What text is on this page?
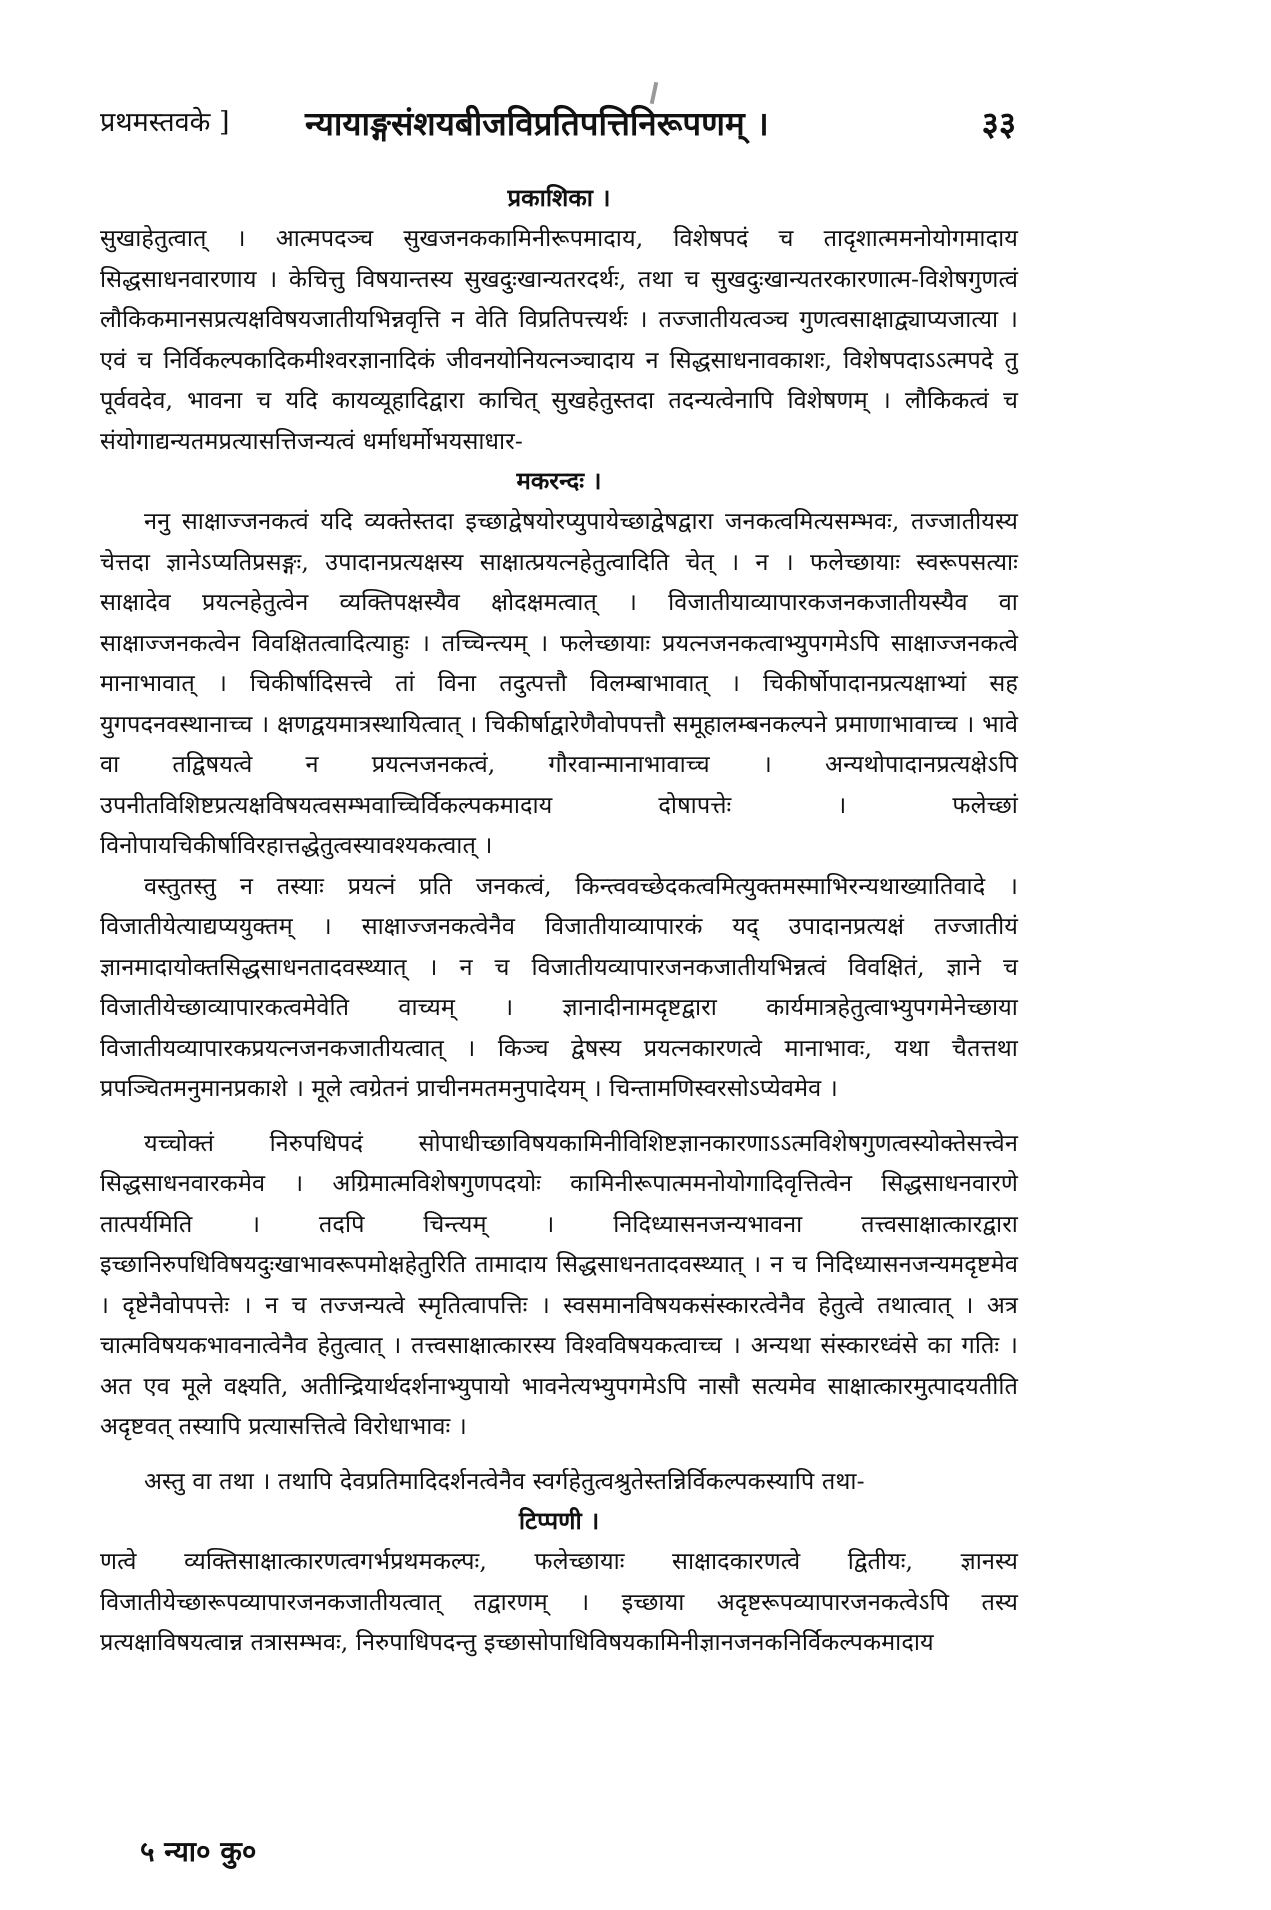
प्रथमस्तवके ] न्यायाङ्गसंशयबीजविप्रतिपत्तिनिरूपणम् ।	३३
प्रकाशिका ।

सुखाहेतुत्वात् । आत्मपदञ्च सुखजनककामिनीरूपमादाय, विशेषपदं च तादृशात्ममनोयोगमादाय सिद्धसाधनवारणाय । केचित्तु विषयान्तस्य सुखदुःखान्यतरदर्थः, तथा च सुखदुःखान्यतरकारणात्म-विशेषगुणत्वं लौकिकमानसप्रत्यक्षविषयजातीयभिन्नवृत्ति न वेति विप्रतिपत्त्यर्थः । तज्जातीयत्वञ्च गुणत्वसाक्षाद्व्याप्यजात्या । एवं च निर्विकल्पकादिकमीश्वरज्ञानादिकं जीवनयोनियत्नञ्चादाय न सिद्धसाधनावकाशः, विशेषपदाऽऽत्मपदे तु पूर्ववदेव, भावना च यदि कायव्यूहादिद्वारा काचित् सुखहेतुस्तदा तदन्यत्वेनापि विशेषणम् । लौकिकत्वं च संयोगाद्यन्यतमप्रत्यासत्तिजन्यत्वं धर्माधर्मोभयसाधार-

मकरन्दः ।

ननु साक्षाज्जनकत्वं यदि व्यक्तेस्तदा इच्छाद्वेषयोरप्युपायेच्छाद्वेषद्वारा जनकत्वमित्यसम्भवः, तज्जातीयस्य चेत्तदा ज्ञानेऽप्यतिप्रसङ्गः, उपादानप्रत्यक्षस्य साक्षात्प्रयत्नहेतुत्वादिति चेत् । न । फलेच्छायाः स्वरूपसत्याः साक्षादेव प्रयत्नहेतुत्वेन व्यक्तिपक्षस्यैव क्षोदक्षमत्वात् । विजातीयाव्यापारकजनकजातीयस्यैव वा साक्षाज्जनकत्वेन विवक्षितत्वादित्याहुः । तच्चिन्त्यम् । फलेच्छायाः प्रयत्नजनकत्वाभ्युपगमेऽपि साक्षाज्जनकत्वे मानाभावात् । चिकीर्षादिसत्त्वे तां विना तदुत्पत्तौ विलम्बाभावात् । चिकीर्षोपादानप्रत्यक्षाभ्यां सह युगपदनवस्थानाच्च । क्षणद्वयमात्रस्थायित्वात् । चिकीर्षाद्वारेणैवोपपत्तौ समूहालम्बनकल्पने प्रमाणाभावाच्च । भावे वा तद्विषयत्वे न प्रयत्नजनकत्वं, गौरवान्मानाभावाच्च । अन्यथोपादानप्रत्यक्षेऽपि उपनीतविशिष्टप्रत्यक्षविषयत्वसम्भवाच्चिर्विकल्पकमादाय दोषापत्तेः । फलेच्छां विनोपायचिकीर्षाविरहात्तद्धेतुत्वस्यावश्यकत्वात् ।

वस्तुतस्तु न तस्याः प्रयत्नं प्रति जनकत्वं, किन्त्ववच्छेदकत्वमित्युक्तमस्माभिरन्यथाख्यातिवादे । विजातीयेत्याद्यप्ययुक्तम् । साक्षाज्जनकत्वेनैव विजातीयाव्यापारकं यद् उपादानप्रत्यक्षं तज्जातीयं ज्ञानमादायोक्तसिद्धसाधनतादवस्थ्यात् । न च विजातीयव्यापारजनकजातीयभिन्नत्वं विवक्षितं, ज्ञाने च विजातीयेच्छाव्यापारकत्वमेवेति वाच्यम् । ज्ञानादीनामदृष्टद्वारा कार्यमात्रहेतुत्वाभ्युपगमेनेच्छाया विजातीयव्यापारकप्रयत्नजनकजातीयत्वात् । किञ्च द्वेषस्य प्रयत्नकारणत्वे मानाभावः, यथा चैतत्तथा प्रपञ्चितमनुमानप्रकाशे । मूले त्वग्रेतनं प्राचीनमतमनुपादेयम् । चिन्तामणिस्वरसोऽप्येवमेव ।

यच्चोक्तं निरुपधिपदं सोपाधीच्छाविषयकामिनीविशिष्टज्ञानकारणाऽऽत्मविशेषगुणत्वस्योक्तेसत्त्वेन सिद्धसाधनवारकमेव । अग्रिमात्मविशेषगुणपदयोः कामिनीरूपात्ममनोयोगादिवृत्तित्वेन सिद्धसाधनवारणे तात्पर्यमिति । तदपि चिन्त्यम् । निदिध्यासनजन्यभावना तत्त्वसाक्षात्कारद्वारा इच्छानिरुपधिविषयदुःखाभावरूपमोक्षहेतुरिति तामादाय सिद्धसाधनतादवस्थ्यात् । न च निदिध्यासनजन्यमदृष्टमेव । दृष्टेनैवोपपत्तेः । न च तज्जन्यत्वे स्मृतित्वापत्तिः । स्वसमानविषयकसंस्कारत्वेनैव हेतुत्वे तथात्वात् । अत्र चात्मविषयकभावनात्वेनैव हेतुत्वात् । तत्त्वसाक्षात्कारस्य विश्वविषयकत्वाच्च । अन्यथा संस्कारध्वंसे का गतिः । अत एव मूले वक्ष्यति, अतीन्द्रियार्थदर्शनाभ्युपायो भावनेत्यभ्युपगमेऽपि नासौ सत्यमेव साक्षात्कारमुत्पादयतीति अदृष्टवत् तस्यापि प्रत्यासत्तित्वे विरोधाभावः ।

अस्तु वा तथा । तथापि देवप्रतिमादिदर्शनत्वेनैव स्वर्गहेतुत्वश्रुतेस्तन्निर्विकल्पकस्यापि तथा-

टिप्पणी ।

णत्वे व्यक्तिसाक्षात्कारणत्वगर्भप्रथमकल्पः, फलेच्छायाः साक्षादकारणत्वे द्वितीयः, ज्ञानस्य विजातीयेच्छारूपव्यापारजनकजातीयत्वात् तद्वारणम् । इच्छाया अदृष्टरूपव्यापारजनकत्वेऽपि तस्य प्रत्यक्षाविषयत्वान्न तत्रासम्भवः, निरुपाधिपदन्तु इच्छासोपाधिविषयकामिनीज्ञानजनकनिर्विकल्पकमादाय

५ न्या० कु०
